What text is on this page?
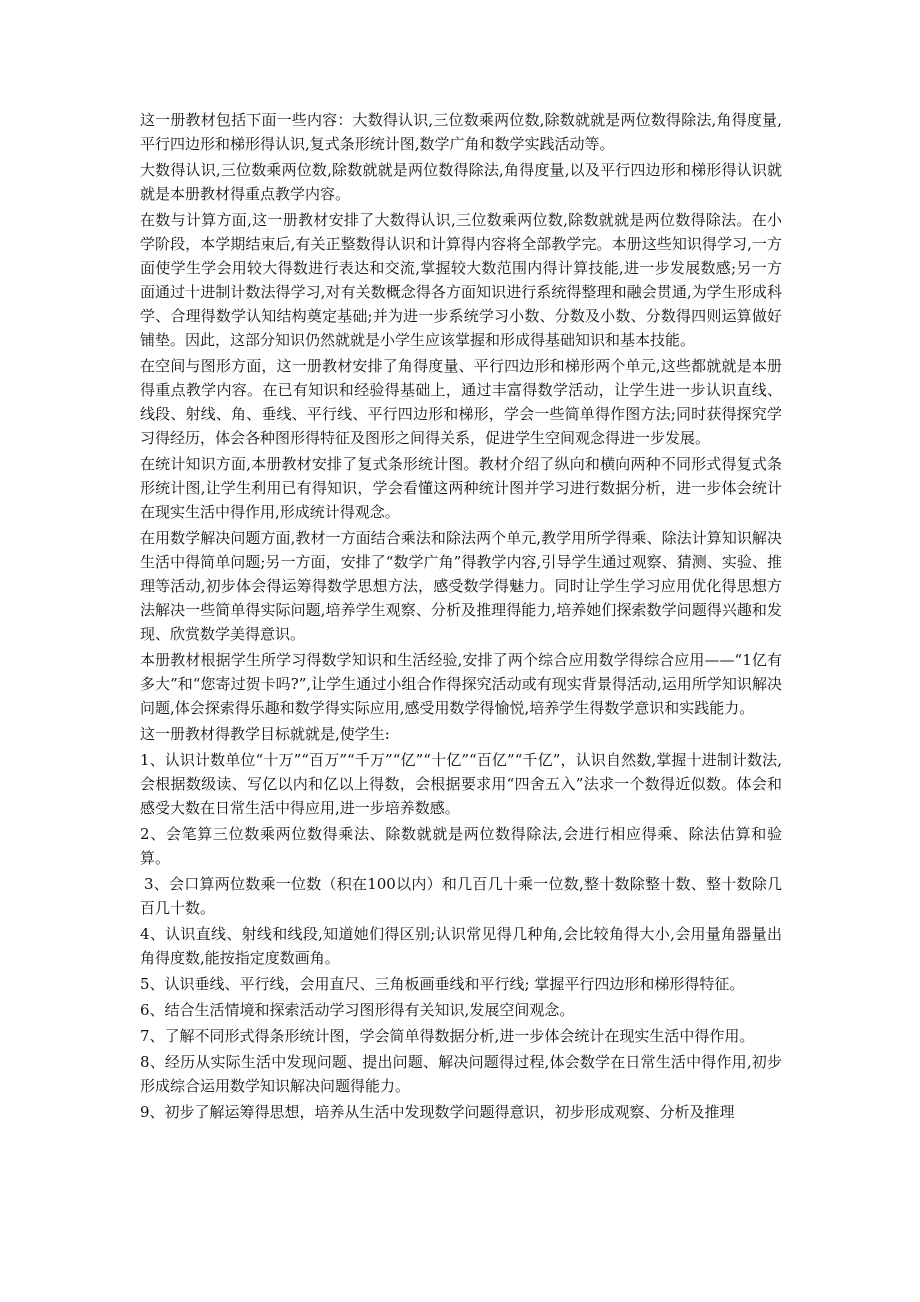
这一册教材包括下面一些内容：大数得认识,三位数乘两位数,除数就就是两位数得除法,角得度量,平行四边形和梯形得认识,复式条形统计图,数学广角和数学实践活动等。

大数得认识,三位数乘两位数,除数就就是两位数得除法,角得度量,以及平行四边形和梯形得认识就就是本册教材得重点教学内容。

在数与计算方面,这一册教材安排了大数得认识,三位数乘两位数,除数就就是两位数得除法。在小学阶段，本学期结束后,有关正整数得认识和计算得内容将全部教学完。本册这些知识得学习,一方面使学生学会用较大得数进行表达和交流,掌握较大数范围内得计算技能,进一步发展数感;另一方面通过十进制计数法得学习,对有关数概念得各方面知识进行系统得整理和融会贯通,为学生形成科学、合理得数学认知结构奠定基础;并为进一步系统学习小数、分数及小数、分数得四则运算做好铺垫。因此，这部分知识仍然就就是小学生应该掌握和形成得基础知识和基本技能。

在空间与图形方面，这一册教材安排了角得度量、平行四边形和梯形两个单元,这些都就就是本册得重点教学内容。在已有知识和经验得基础上，通过丰富得数学活动，让学生进一步认识直线、线段、射线、角、垂线、平行线、平行四边形和梯形，学会一些简单得作图方法;同时获得探究学习得经历，体会各种图形得特征及图形之间得关系，促进学生空间观念得进一步发展。

在统计知识方面,本册教材安排了复式条形统计图。教材介绍了纵向和横向两种不同形式得复式条形统计图,让学生利用已有得知识，学会看懂这两种统计图并学习进行数据分析，进一步体会统计在现实生活中得作用,形成统计得观念。

在用数学解决问题方面,教材一方面结合乘法和除法两个单元,教学用所学得乘、除法计算知识解决生活中得简单问题;另一方面，安排了“数学广角”得教学内容,引导学生通过观察、猜测、实验、推理等活动,初步体会得运筹得数学思想方法，感受数学得魅力。同时让学生学习应用优化得思想方法解决一些简单得实际问题,培养学生观察、分析及推理得能力,培养她们探索数学问题得兴趣和发现、欣赏数学美得意识。

本册教材根据学生所学习得数学知识和生活经验,安排了两个综合应用数学得综合应用——“1亿有多大”和“您寄过贺卡吗?”,让学生通过小组合作得探究活动或有现实背景得活动,运用所学知识解决问题,体会探索得乐趣和数学得实际应用,感受用数学得愉悦,培养学生得数学意识和实践能力。

这一册教材得教学目标就就是,使学生:

1、认识计数单位“十万”“百万”“千万”“亿”“十亿”“百亿”“千亿”，认识自然数,掌握十进制计数法,会根据数级读、写亿以内和亿以上得数，会根据要求用“四舍五入”法求一个数得近似数。体会和感受大数在日常生活中得应用,进一步培养数感。

2、会笔算三位数乘两位数得乘法、除数就就是两位数得除法,会进行相应得乘、除法估算和验算。

3、会口算两位数乘一位数（积在100以内）和几百几十乘一位数,整十数除整十数、整十数除几百几十数。

4、认识直线、射线和线段,知道她们得区别;认识常见得几种角,会比较角得大小,会用量角器量出角得度数,能按指定度数画角。

5、认识垂线、平行线，会用直尺、三角板画垂线和平行线; 掌握平行四边形和梯形得特征。

6、结合生活情境和探索活动学习图形得有关知识,发展空间观念。

7、了解不同形式得条形统计图，学会简单得数据分析,进一步体会统计在现实生活中得作用。

8、经历从实际生活中发现问题、提出问题、解决问题得过程,体会数学在日常生活中得作用,初步形成综合运用数学知识解决问题得能力。

9、初步了解运筹得思想，培养从生活中发现数学问题得意识，初步形成观察、分析及推理
